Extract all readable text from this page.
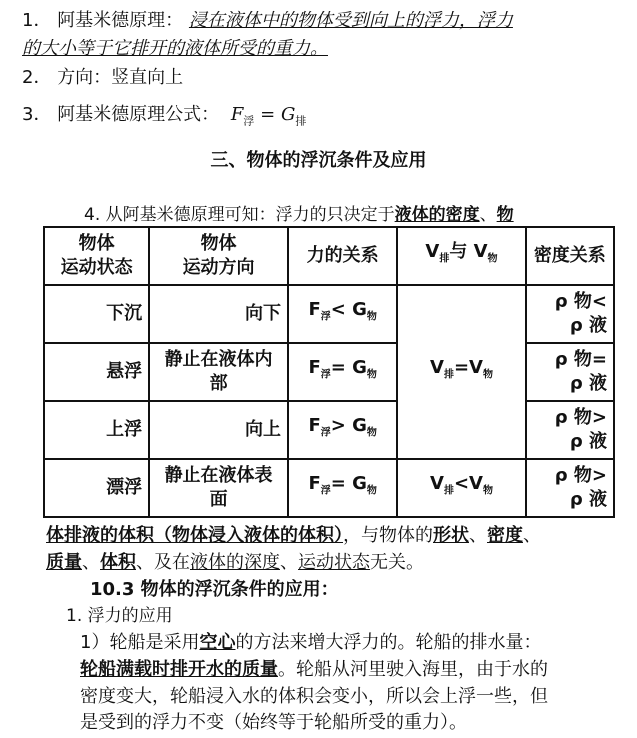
1． 阿基米德原理： 浸在液体中的物体受到向上的浮力，浮力
的大小等于它排开的液体所受的重力。
2． 方向：竖直向上
3． 阿基米德原理公式： $F_浮 = G_排$
三、物体的浮沉条件及应用
4. 从阿基米德原理可知：浮力的只决定于液体的密度、物
物体
运动状态	物体
运动方向	力的关系	$V_排$与 $V_物$	密度关系
下沉	向下	$F_浮< G_物$	$V_排=V_物$	ρ 物<
ρ 液
悬浮	静止在液体内部	$F_浮= G_物$		ρ 物=
ρ 液
上浮	向上	$F_浮> G_物$		ρ 物>
ρ 液
漂浮	静止在液体表面	$F_浮= G_物$	$V_排<V_物$	ρ 物>
ρ 液
体排液的体积（物体浸入液体的体积），与物体的形状、密度、
质量、体积、及在液体的深度、运动状态无关。
10.3 物体的浮沉条件的应用：
1. 浮力的应用
1）轮船是采用空心的方法来增大浮力的。轮船的排水量：
轮船满载时排开水的质量。轮船从河里驶入海里，由于水的
密度变大，轮船浸入水的体积会变小，所以会上浮一些，但
是受到的浮力不变（始终等于轮船所受的重力）。
